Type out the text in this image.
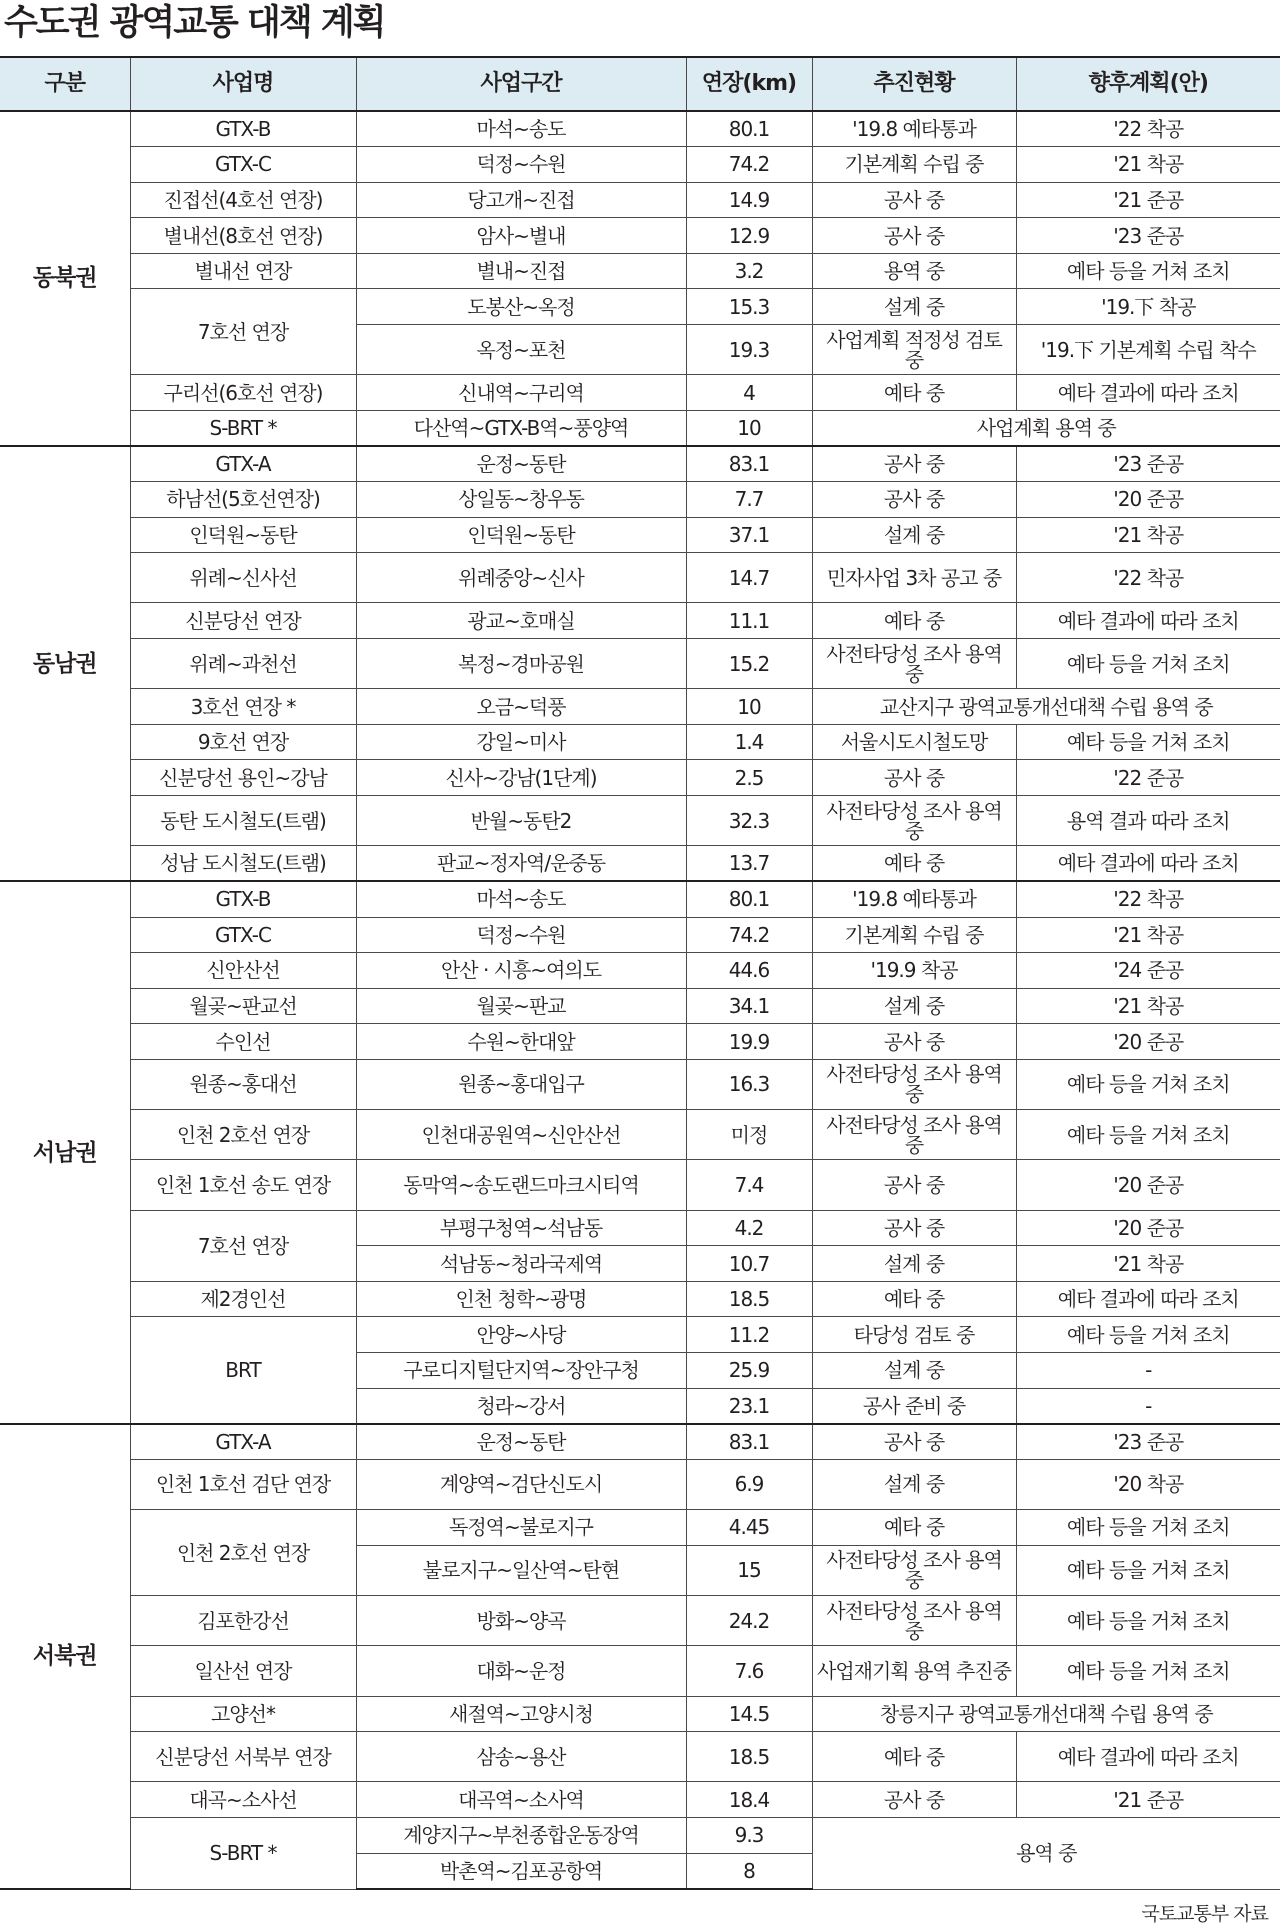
수도권 광역교통 대책 계획
구분	사업명	사업구간	연장(km)	추진현황	향후계획(안)
동북권	GTX-B	마석~송도	80.1	'19.8 예타통과	'22 착공
	GTX-C	덕정~수원	74.2	기본계획 수립 중	'21 착공
	진접선(4호선 연장)	당고개~진접	14.9	공사 중	'21 준공
	별내선(8호선 연장)	암사~별내	12.9	공사 중	'23 준공
	별내선 연장	별내~진접	3.2	용역 중	예타 등을 거쳐 조치
	7호선 연장	도봉산~옥정	15.3	설계 중	'19.下 착공
		옥정~포천	19.3	사업계획 적정성 검토 중	'19.下 기본계획 수립 착수
	구리선(6호선 연장)	신내역~구리역	4	예타 중	예타 결과에 따라 조치
	S-BRT *	다산역~GTX-B역~풍양역	10	사업계획 용역 중	
동남권	GTX-A	운정~동탄	83.1	공사 중	'23 준공
	하남선(5호선연장)	상일동~창우동	7.7	공사 중	'20 준공
	인덕원~동탄	인덕원~동탄	37.1	설계 중	'21 착공
	위례~신사선	위례중앙~신사	14.7	민자사업 3차 공고 중	'22 착공
	신분당선 연장	광교~호매실	11.1	예타 중	예타 결과에 따라 조치
	위례~과천선	복정~경마공원	15.2	사전타당성 조사 용역 중	예타 등을 거쳐 조치
	3호선 연장 *	오금~덕풍	10	교산지구 광역교통개선대책 수립 용역 중	
	9호선 연장	강일~미사	1.4	서울시도시철도망	예타 등을 거쳐 조치
	신분당선 용인~강남	신사~강남(1단계)	2.5	공사 중	'22 준공
	동탄 도시철도(트램)	반월~동탄2	32.3	사전타당성 조사 용역 중	용역 결과 따라 조치
	성남 도시철도(트램)	판교~정자역/운중동	13.7	예타 중	예타 결과에 따라 조치
서남권	GTX-B	마석~송도	80.1	'19.8 예타통과	'22 착공
	GTX-C	덕정~수원	74.2	기본계획 수립 중	'21 착공
	신안산선	안산 · 시흥~여의도	44.6	'19.9 착공	'24 준공
	월곶~판교선	월곶~판교	34.1	설계 중	'21 착공
	수인선	수원~한대앞	19.9	공사 중	'20 준공
	원종~홍대선	원종~홍대입구	16.3	사전타당성 조사 용역 중	예타 등을 거쳐 조치
	인천 2호선 연장	인천대공원역~신안산선	미정	사전타당성 조사 용역 중	예타 등을 거쳐 조치
	인천 1호선 송도 연장	동막역~송도랜드마크시티역	7.4	공사 중	'20 준공
	7호선 연장	부평구청역~석남동	4.2	공사 중	'20 준공
		석남동~청라국제역	10.7	설계 중	'21 착공
	제2경인선	인천 청학~광명	18.5	예타 중	예타 결과에 따라 조치
	BRT	안양~사당	11.2	타당성 검토 중	예타 등을 거쳐 조치
		구로디지털단지역~장안구청	25.9	설계 중	-
		청라~강서	23.1	공사 준비 중	-
서북권	GTX-A	운정~동탄	83.1	공사 중	'23 준공
	인천 1호선 검단 연장	계양역~검단신도시	6.9	설계 중	'20 착공
	인천 2호선 연장	독정역~불로지구	4.45	예타 중	예타 등을 거쳐 조치
		불로지구~일산역~탄현	15	사전타당성 조사 용역 중	예타 등을 거쳐 조치
	김포한강선	방화~양곡	24.2	사전타당성 조사 용역 중	예타 등을 거쳐 조치
	일산선 연장	대화~운정	7.6	사업재기획 용역 추진중	예타 등을 거쳐 조치
	고양선*	새절역~고양시청	14.5	창릉지구 광역교통개선대책 수립 용역 중	
	신분당선 서북부 연장	삼송~용산	18.5	예타 중	예타 결과에 따라 조치
	대곡~소사선	대곡역~소사역	18.4	공사 중	'21 준공
	S-BRT *	계양지구~부천종합운동장역	9.3	용역 중	
		박촌역~김포공항역	8		
국토교통부 자료
